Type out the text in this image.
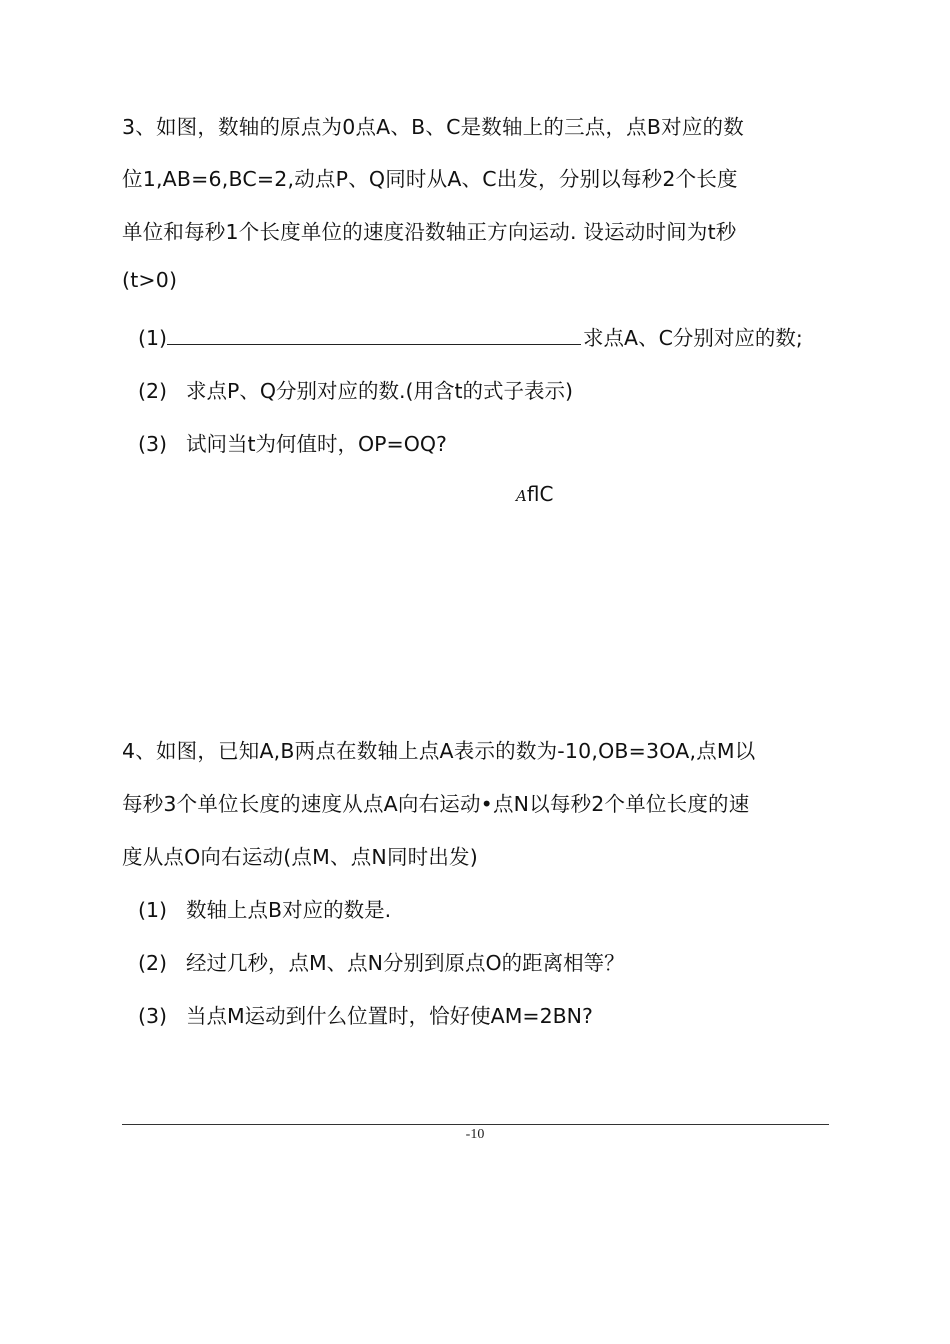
3、如图，数轴的原点为0点A、B、C是数轴上的三点，点B对应的数
位1,AB=6,BC=2,动点P、Q同时从A、C出发，分别以每秒2个长度
单位和每秒1个长度单位的速度沿数轴正方向运动. 设运动时间为t秒
(t>0)
(1)	求点A、C分别对应的数;
(2) 求点P、Q分别对应的数.(用含t的式子表示)
(3) 试问当t为何值时，OP=OQ?
AflC
4、如图，已知A,B两点在数轴上点A表示的数为-10,OB=3OA,点M以
每秒3个单位长度的速度从点A向右运动•点N以每秒2个单位长度的速
度从点O向右运动(点M、点N同时出发)
(1) 数轴上点B对应的数是.
(2) 经过几秒，点M、点N分别到原点O的距离相等？
(3) 当点M运动到什么位置时，恰好使AM=2BN?
-10
